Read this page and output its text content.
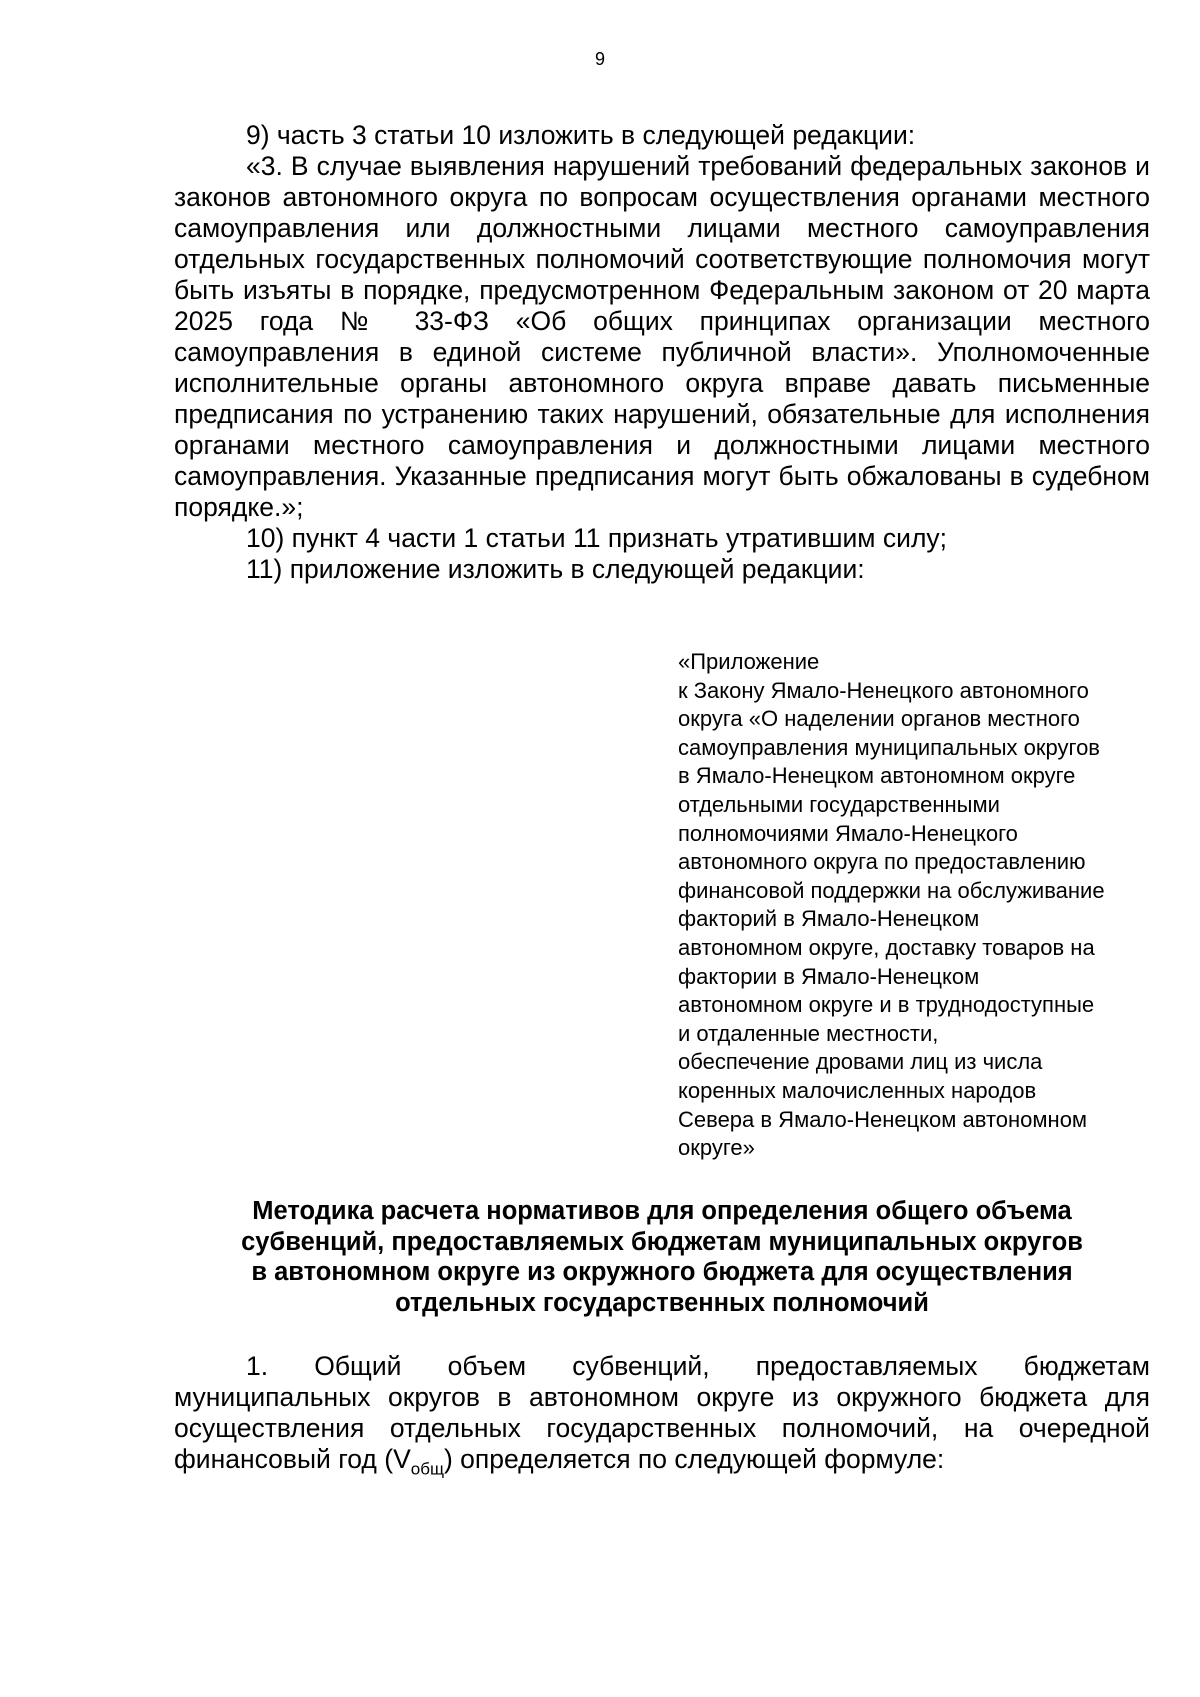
9

9) часть 3 статьи 10 изложить в следующей редакции:

«3. В случае выявления нарушений требований федеральных законов и законов автономного округа по вопросам осуществления органами местного самоуправления или должностными лицами местного самоуправления отдельных государственных полномочий соответствующие полномочия могут быть изъяты в порядке, предусмотренном Федеральным законом от 20 марта 2025 года № 33-ФЗ «Об общих принципах организации местного самоуправления в единой системе публичной власти». Уполномоченные исполнительные органы автономного округа вправе давать письменные предписания по устранению таких нарушений, обязательные для исполнения органами местного самоуправления и должностными лицами местного самоуправления. Указанные предписания могут быть обжалованы в судебном порядке.»;

10) пункт 4 части 1 статьи 11 признать утратившим силу;

11) приложение изложить в следующей редакции:

«Приложение
к Закону Ямало-Ненецкого автономного
округа «О наделении органов местного
самоуправления муниципальных округов
в Ямало-Ненецком автономном округе
отдельными государственными
полномочиями Ямало-Ненецкого
автономного округа по предоставлению
финансовой поддержки на обслуживание
факторий в Ямало-Ненецком
автономном округе, доставку товаров на
фактории в Ямало-Ненецком
автономном округе и в труднодоступные
и отдаленные местности,
обеспечение дровами лиц из числа
коренных малочисленных народов
Севера в Ямало-Ненецком автономном
округе»
Методика расчета нормативов для определения общего объема
субвенций, предоставляемых бюджетам муниципальных округов
в автономном округе из окружного бюджета для осуществления
отдельных государственных полномочий

1. Общий объем субвенций, предоставляемых бюджетам муниципальных округов в автономном округе из окружного бюджета для осуществления отдельных государственных полномочий, на очередной финансовый год $(V_{общ})$ определяется по следующей формуле:
